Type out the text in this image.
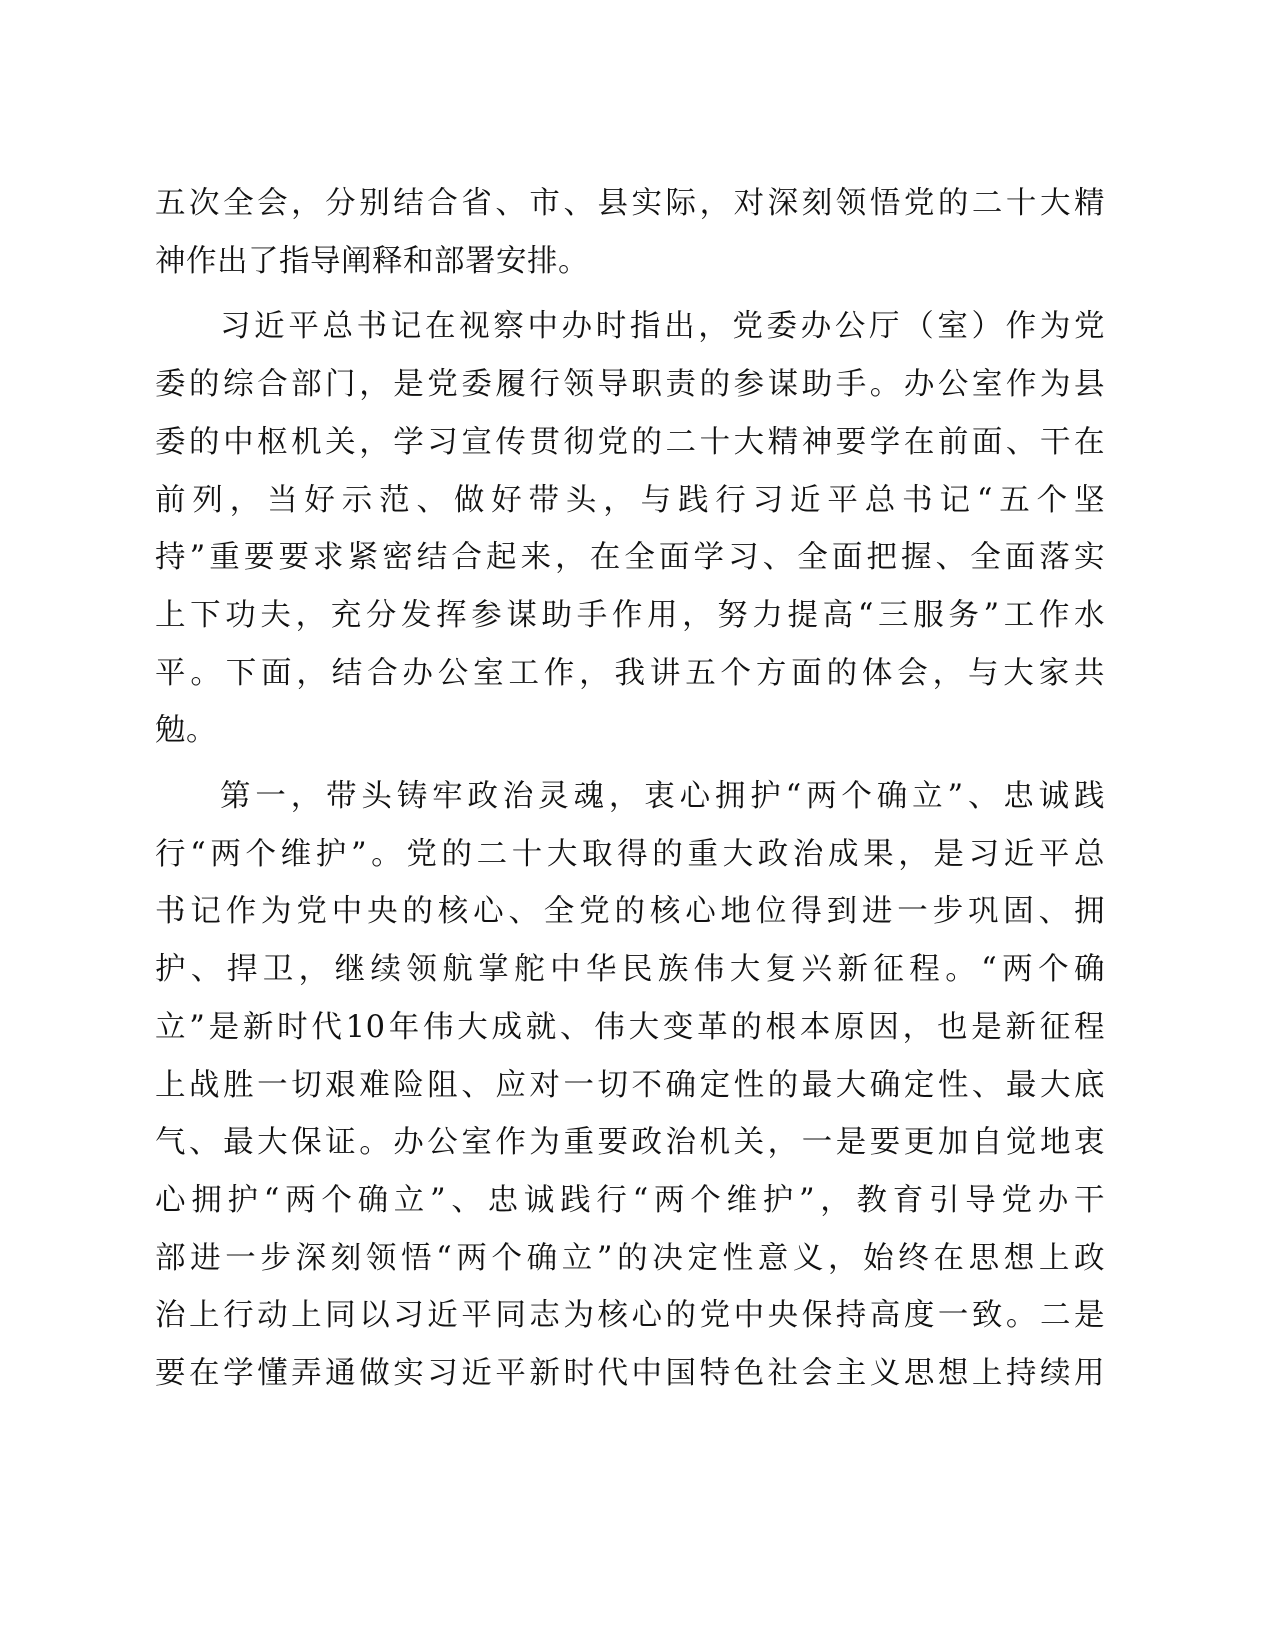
五次全会，分别结合省、市、县实际，对深刻领悟党的二十大精
神作出了指导阐释和部署安排。

习近平总书记在视察中办时指出，党委办公厅（室）作为党
委的综合部门，是党委履行领导职责的参谋助手。办公室作为县
委的中枢机关，学习宣传贯彻党的二十大精神要学在前面、干在
前列，当好示范、做好带头，与践行习近平总书记“五个坚
持”重要要求紧密结合起来，在全面学习、全面把握、全面落实
上下功夫，充分发挥参谋助手作用，努力提高“三服务”工作水
平。下面，结合办公室工作，我讲五个方面的体会，与大家共
勉。

第一，带头铸牢政治灵魂，衷心拥护“两个确立”、忠诚践
行“两个维护”。党的二十大取得的重大政治成果，是习近平总
书记作为党中央的核心、全党的核心地位得到进一步巩固、拥
护、捍卫，继续领航掌舵中华民族伟大复兴新征程。“两个确
立”是新时代10年伟大成就、伟大变革的根本原因，也是新征程
上战胜一切艰难险阻、应对一切不确定性的最大确定性、最大底
气、最大保证。办公室作为重要政治机关，一是要更加自觉地衷
心拥护“两个确立”、忠诚践行“两个维护”，教育引导党办干
部进一步深刻领悟“两个确立”的决定性意义，始终在思想上政
治上行动上同以习近平同志为核心的党中央保持高度一致。二是
要在学懂弄通做实习近平新时代中国特色社会主义思想上持续用
